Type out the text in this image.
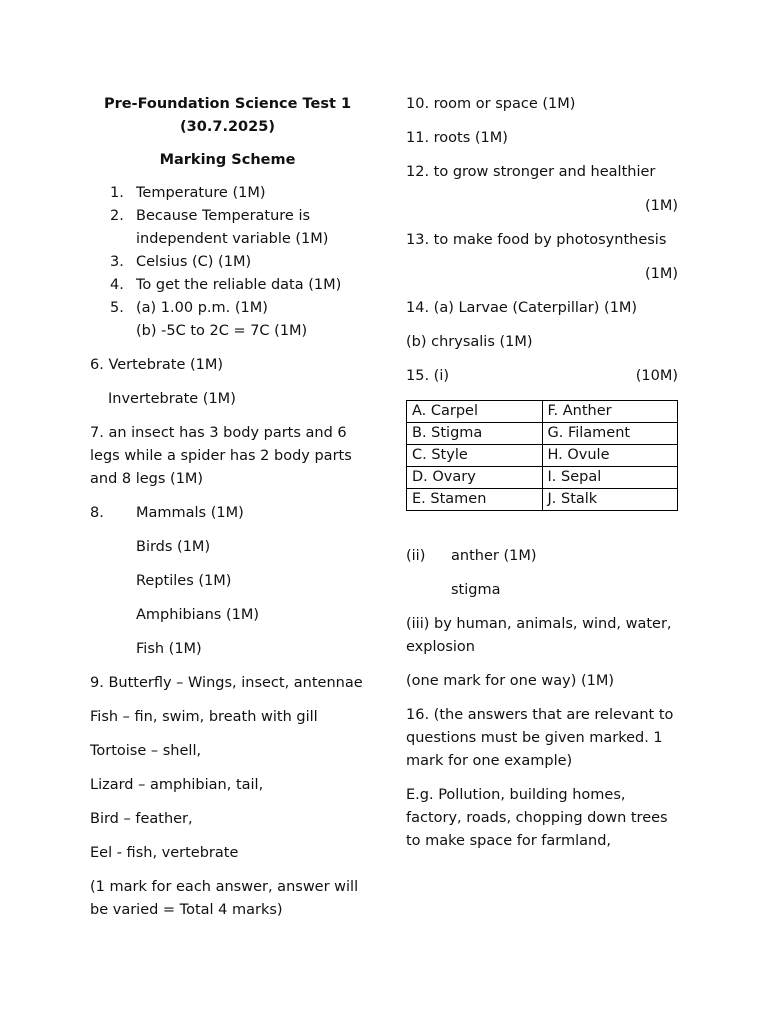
Pre-Foundation Science Test 1

(30.7.2025)

Marking Scheme

1. Temperature (1M)
2. Because Temperature is independent variable (1M)
3. Celsius (C) (1M)
4. To get the reliable data (1M)
5. (a) 1.00 p.m. (1M)
(b) -5C to 2C = 7C (1M)

6. Vertebrate (1M)

Invertebrate (1M)

7. an insect has 3 body parts and 6 legs while a spider has 2 body parts and 8 legs (1M)

8.	Mammals (1M)

Birds (1M)

Reptiles (1M)

Amphibians (1M)

Fish (1M)

9. Butterfly – Wings, insect, antennae

Fish – fin, swim, breath with gill

Tortoise – shell,

Lizard – amphibian, tail,

Bird – feather,

Eel - fish, vertebrate

(1 mark for each answer, answer will be varied = Total 4 marks)

10. room or space (1M)

11. roots (1M)

12. to grow stronger and healthier

(1M)

13. to make food by photosynthesis

(1M)

14. (a) Larvae (Caterpillar) (1M)

(b) chrysalis (1M)

15. (i)	(10M)

A. Carpel	F. Anther
B. Stigma	G. Filament
C. Style	H. Ovule
D. Ovary	I. Sepal
E. Stamen	J. Stalk

(ii)	anther (1M)

stigma

(iii) by human, animals, wind, water, explosion

(one mark for one way) (1M)

16. (the answers that are relevant to questions must be given marked. 1 mark for one example)

E.g. Pollution, building homes, factory, roads, chopping down trees to make space for farmland,
